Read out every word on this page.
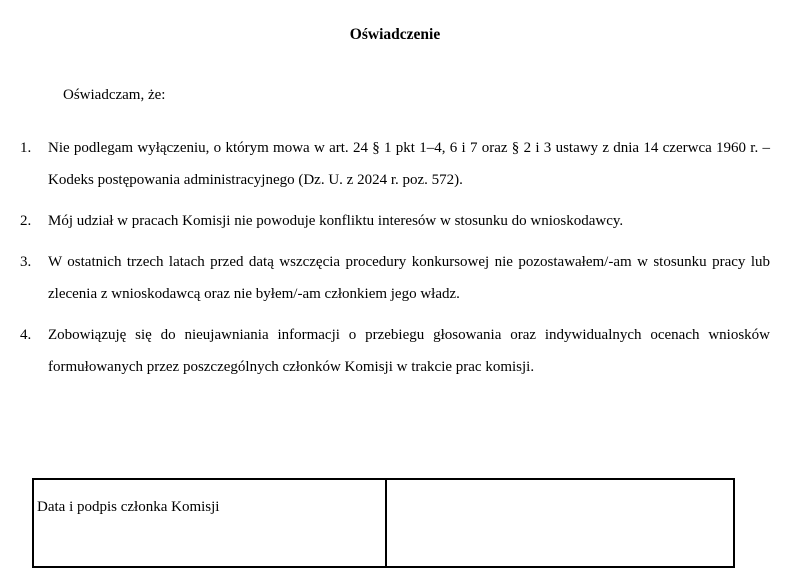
Oświadczenie
Oświadczam, że:
1.	Nie podlegam wyłączeniu, o którym mowa w art. 24 § 1 pkt 1–4, 6 i 7 oraz § 2 i 3 ustawy z dnia 14 czerwca 1960 r. – Kodeks postępowania administracyjnego (Dz. U. z 2024 r. poz. 572).
2.	Mój udział w pracach Komisji nie powoduje konfliktu interesów w stosunku do wnioskodawcy.
3.	W ostatnich trzech latach przed datą wszczęcia procedury konkursowej nie pozostawałem/-am w stosunku pracy lub zlecenia z wnioskodawcą oraz nie byłem/-am członkiem jego władz.
4.	Zobowiązuję się do nieujawniania informacji o przebiegu głosowania oraz indywidualnych ocenach wniosków formułowanych przez poszczególnych członków Komisji w trakcie prac komisji.
Data i podpis członka Komisji
